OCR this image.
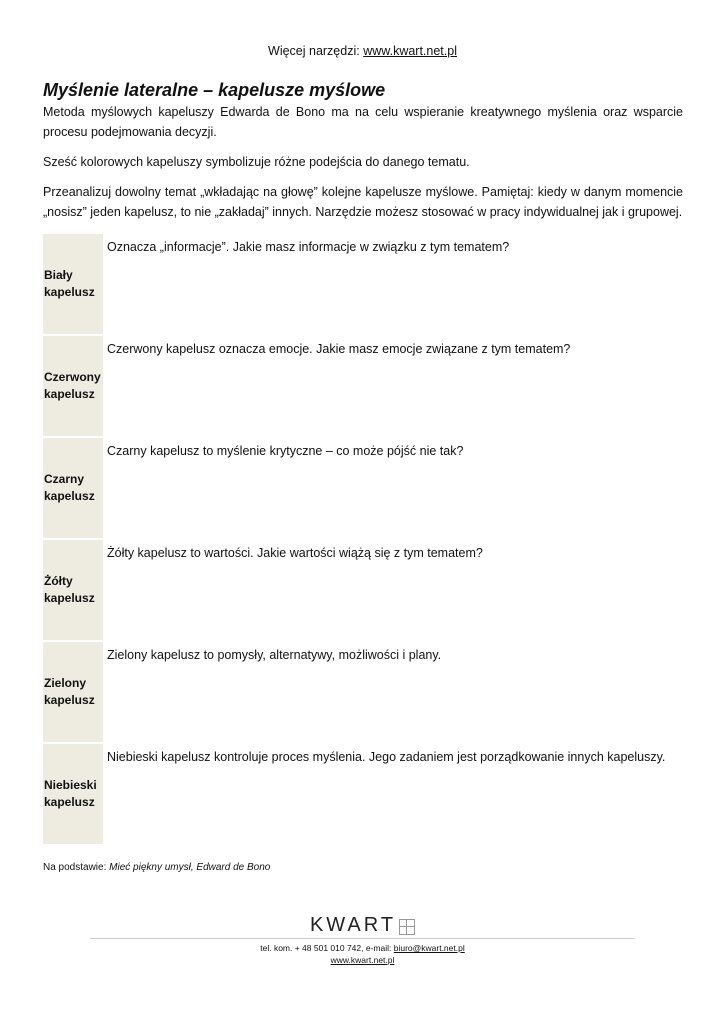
Więcej narzędzi: www.kwart.net.pl
Myślenie lateralne – kapelusze myślowe

Metoda myślowych kapeluszy Edwarda de Bono ma na celu wspieranie kreatywnego myślenia oraz wsparcie procesu podejmowania decyzji.

Sześć kolorowych kapeluszy symbolizuje różne podejścia do danego tematu.

Przeanalizuj dowolny temat „wkładając na głowę” kolejne kapelusze myślowe. Pamiętaj: kiedy w danym momencie „nosisz” jeden kapelusz, to nie „zakładaj” innych. Narzędzie możesz stosować w pracy indywidualnej jak i grupowej.

Biały
kapelusz
Oznacza „informacje”. Jakie masz informacje w związku z tym tematem?
Czerwony
kapelusz
Czerwony kapelusz oznacza emocje. Jakie masz emocje związane z tym tematem?
Czarny
kapelusz
Czarny kapelusz to myślenie krytyczne – co może pójść nie tak?
Żółty
kapelusz
Żółty kapelusz to wartości. Jakie wartości wiążą się z tym tematem?
Zielony
kapelusz
Zielony kapelusz to pomysły, alternatywy, możliwości i plany.
Niebieski
kapelusz
Niebieski kapelusz kontroluje proces myślenia. Jego zadaniem jest porządkowanie innych kapeluszy.
Na podstawie: Mieć piękny umysł, Edward de Bono
KWART
tel. kom. + 48 501 010 742, e-mail: biuro@kwart.net.pl
www.kwart.net.pl
